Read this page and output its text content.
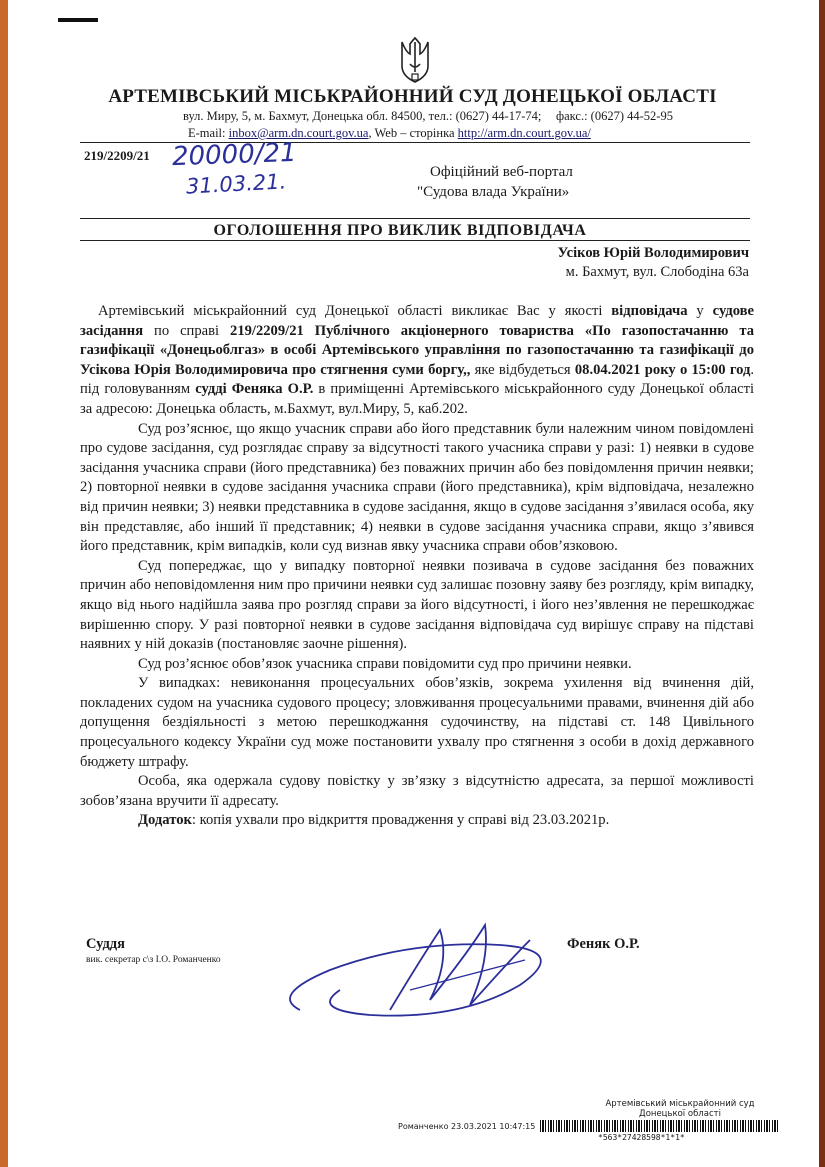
АРТЕМІВСЬКИЙ МІСЬКРАЙОННИЙ СУД ДОНЕЦЬКОЇ ОБЛАСТІ
вул. Миру, 5, м. Бахмут, Донецька обл. 84500, тел.: (0627) 44-17-74; факс.: (0627) 44-52-95
E-mail: inbox@arm.dn.court.gov.ua, Web – сторінка http://arm.dn.court.gov.ua/
219/2209/21 20000/21
31.03.21.	Офіційний веб-портал
"Судова влада України»
ОГОЛОШЕННЯ ПРО ВИКЛИК ВІДПОВІДАЧА
Усіков Юрій Володимирович
м. Бахмут, вул. Слободіна 63а

Артемівський міськрайонний суд Донецької області викликає Вас у якості відповідача у судове засідання по справі 219/2209/21 Публічного акціонерного товариства «По газопостачанню та газифікації «Донецьоблгаз» в особі Артемівського управління по газопостачанню та газифікації до Усікова Юрія Володимировича про стягнення суми боргу,, яке відбудеться 08.04.2021 року о 15:00 год. під головуванням судді Феняка О.Р. в приміщенні Артемівського міськрайонного суду Донецької області за адресою: Донецька область, м.Бахмут, вул.Миру, 5, каб.202.

Суд роз’яснює, що якщо учасник справи або його представник були належним чином повідомлені про судове засідання, суд розглядає справу за відсутності такого учасника справи у разі: 1) неявки в судове засідання учасника справи (його представника) без поважних причин або без повідомлення причин неявки; 2) повторної неявки в судове засідання учасника справи (його представника), крім відповідача, незалежно від причин неявки; 3) неявки представника в судове засідання, якщо в судове засідання з’явилася особа, яку він представляє, або інший її представник; 4) неявки в судове засідання учасника справи, якщо з’явився його представник, крім випадків, коли суд визнав явку учасника справи обов’язковою.

Суд попереджає, що у випадку повторної неявки позивача в судове засідання без поважних причин або неповідомлення ним про причини неявки суд залишає позовну заяву без розгляду, крім випадку, якщо від нього надійшла заява про розгляд справи за його відсутності, і його нез’явлення не перешкоджає вирішенню спору. У разі повторної неявки в судове засідання відповідача суд вирішує справу на підставі наявних у ній доказів (постановляє заочне рішення).

Суд роз’яснює обов’язок учасника справи повідомити суд про причини неявки.

У випадках: невиконання процесуальних обов’язків, зокрема ухилення від вчинення дій, покладених судом на учасника судового процесу; зловживання процесуальними правами, вчинення дій або допущення бездіяльності з метою перешкоджання судочинству, на підставі ст. 148 Цивільного процесуального кодексу України суд може постановити ухвалу про стягнення з особи в дохід державного бюджету штрафу.

Особа, яка одержала судову повістку у зв’язку з відсутністю адресата, за першої можливості зобов’язана вручити її адресату.

Додаток: копія ухвали про відкриття провадження у справі від 23.03.2021р.

Суддя
вик. секретар с\з І.О. Романченко
Феняк О.Р.
Артемівський міськрайонний суд
Донецької області
Романченко 23.03.2021 10:47:15
*563*27428598*1*1*
